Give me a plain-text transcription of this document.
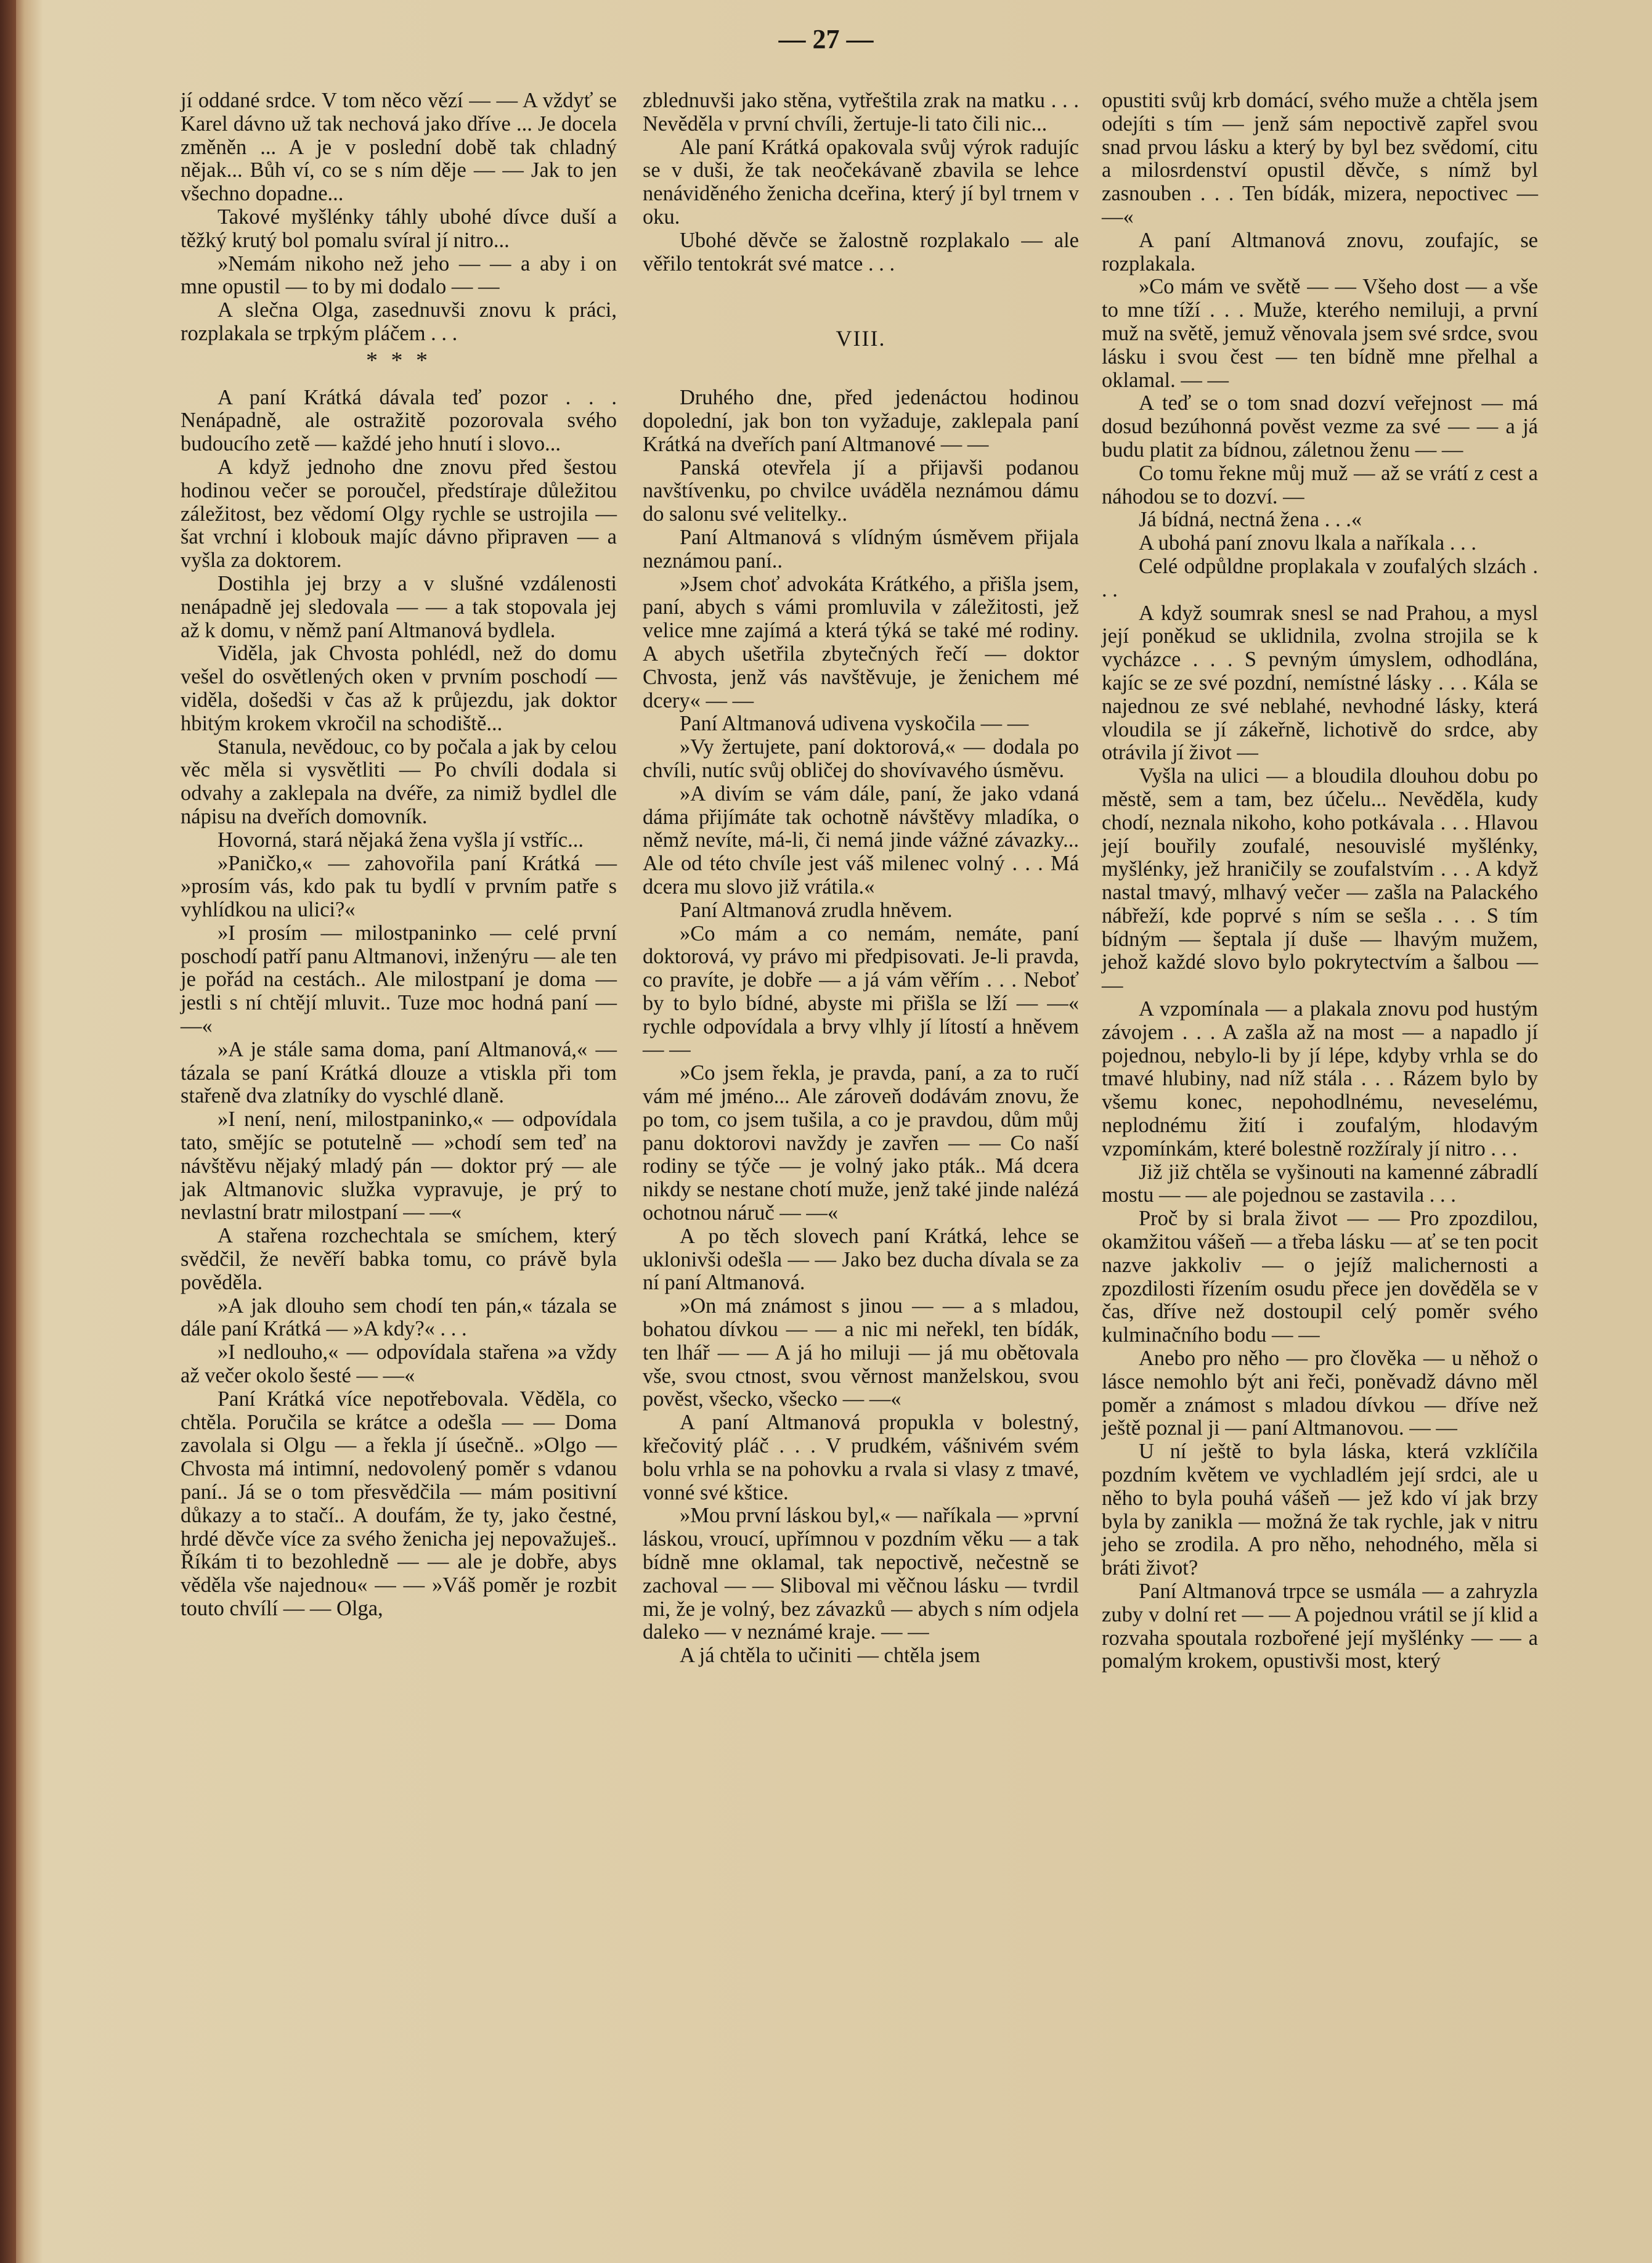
— 27 —

jí oddané srdce. V tom něco vězí — — A vždyť se Karel dávno už tak nechová jako dříve ... Je docela změněn ... A je v poslední době tak chladný nějak... Bůh ví, co se s ním děje — — Jak to jen všechno dopadne...

Takové myšlénky táhly ubohé dívce duší a těžký krutý bol pomalu svíral jí nitro...

»Nemám nikoho než jeho — — a aby i on mne opustil — to by mi dodalo — —

A slečna Olga, zasednuvši znovu k práci, rozplakala se trpkým pláčem . . .

* * *

A paní Krátká dávala teď pozor . . . Nenápadně, ale ostražitě pozorovala svého budoucího zetě — každé jeho hnutí i slovo...

A když jednoho dne znovu před šestou hodinou večer se poroučel, předstíraje důležitou záležitost, bez vědomí Olgy rychle se ustrojila — šat vrchní i klobouk majíc dávno připraven — a vyšla za doktorem.

Dostihla jej brzy a v slušné vzdálenosti nenápadně jej sledovala — — a tak stopovala jej až k domu, v němž paní Altmanová bydlela.

Viděla, jak Chvosta pohlédl, než do domu vešel do osvětlených oken v prvním poschodí — viděla, došedši v čas až k průjezdu, jak doktor hbitým krokem vkročil na schodiště...

Stanula, nevědouc, co by počala a jak by celou věc měla si vysvětliti — Po chvíli dodala si odvahy a zaklepala na dvéře, za nimiž bydlel dle nápisu na dveřích domovník.

Hovorná, stará nějaká žena vyšla jí vstříc...

»Paničko,« — zahovořila paní Krátká — »prosím vás, kdo pak tu bydlí v prvním patře s vyhlídkou na ulici?«

»I prosím — milostpaninko — celé první poschodí patří panu Altmanovi, inženýru — ale ten je pořád na cestách.. Ale milostpaní je doma — jestli s ní chtějí mluvit.. Tuze moc hodná paní — —«

»A je stále sama doma, paní Altmanová,« — tázala se paní Krátká dlouze a vtiskla při tom stařeně dva zlatníky do vyschlé dlaně.

»I není, není, milostpaninko,« — odpovídala tato, smějíc se potutelně — »chodí sem teď na návštěvu nějaký mladý pán — doktor prý — ale jak Altmanovic služka vypravuje, je prý to nevlastní bratr milostpaní — —«

A stařena rozchechtala se smíchem, který svědčil, že nevěří babka tomu, co právě byla pověděla.

»A jak dlouho sem chodí ten pán,« tázala se dále paní Krátká — »A kdy?« . . .

»I nedlouho,« — odpovídala stařena »a vždy až večer okolo šesté — —«

Paní Krátká více nepotřebovala. Věděla, co chtěla. Poručila se krátce a odešla — — Doma zavolala si Olgu — a řekla jí úsečně.. »Olgo — Chvosta má intimní, nedovolený poměr s vdanou paní.. Já se o tom přesvědčila — mám positivní důkazy a to stačí.. A doufám, že ty, jako čestné, hrdé děvče více za svého ženicha jej nepovažuješ.. Říkám ti to bezohledně — — ale je dobře, abys věděla vše najednou« — — »Váš poměr je rozbit touto chvílí — — Olga,

zblednuvši jako stěna, vytřeštila zrak na matku . . . Nevěděla v první chvíli, žertuje-li tato čili nic...

Ale paní Krátká opakovala svůj výrok radujíc se v duši, že tak neočekávaně zbavila se lehce nenáviděného ženicha dceřina, který jí byl trnem v oku.

Ubohé děvče se žalostně rozplakalo — ale věřilo tentokrát své matce . . .

VIII.

Druhého dne, před jedenáctou hodinou dopolední, jak bon ton vyžaduje, zaklepala paní Krátká na dveřích paní Altmanové — —

Panská otevřela jí a přijavši podanou navštívenku, po chvilce uváděla neznámou dámu do salonu své velitelky..

Paní Altmanová s vlídným úsměvem přijala neznámou paní..

»Jsem choť advokáta Krátkého, a přišla jsem, paní, abych s vámi promluvila v záležitosti, jež velice mne zajímá a která týká se také mé rodiny. A abych ušetřila zbytečných řečí — doktor Chvosta, jenž vás navštěvuje, je ženichem mé dcery« — —

Paní Altmanová udivena vyskočila — —

»Vy žertujete, paní doktorová,« — dodala po chvíli, nutíc svůj obličej do shovívavého úsměvu.

»A divím se vám dále, paní, že jako vdaná dáma přijímáte tak ochotně návštěvy mladíka, o němž nevíte, má-li, či nemá jinde vážné závazky... Ale od této chvíle jest váš milenec volný . . . Má dcera mu slovo již vrátila.«

Paní Altmanová zrudla hněvem.

»Co mám a co nemám, nemáte, paní doktorová, vy právo mi předpisovati. Je-li pravda, co pravíte, je dobře — a já vám věřím . . . Neboť by to bylo bídné, abyste mi přišla se lží — —« rychle odpovídala a brvy vlhly jí lítostí a hněvem — —

»Co jsem řekla, je pravda, paní, a za to ručí vám mé jméno... Ale zároveň dodávám znovu, že po tom, co jsem tušila, a co je pravdou, dům můj panu doktorovi navždy je zavřen — — Co naší rodiny se týče — je volný jako pták.. Má dcera nikdy se nestane chotí muže, jenž také jinde nalézá ochotnou náruč — —«

A po těch slovech paní Krátká, lehce se uklonivši odešla — — Jako bez ducha dívala se za ní paní Altmanová.

»On má známost s jinou — — a s mladou, bohatou dívkou — — a nic mi neřekl, ten bídák, ten lhář — — A já ho miluji — já mu obětovala vše, svou ctnost, svou věrnost manželskou, svou pověst, všecko, všecko — —«

A paní Altmanová propukla v bolestný, křečovitý pláč . . . V prudkém, vášnivém svém bolu vrhla se na pohovku a rvala si vlasy z tmavé, vonné své kštice.

»Mou první láskou byl,« — naříkala — »první láskou, vroucí, upřímnou v pozdním věku — a tak bídně mne oklamal, tak nepoctivě, nečestně se zachoval — — Sliboval mi věčnou lásku — tvrdil mi, že je volný, bez závazků — abych s ním odjela daleko — v neznámé kraje. — —

A já chtěla to učiniti — chtěla jsem

opustiti svůj krb domácí, svého muže a chtěla jsem odejíti s tím — jenž sám nepoctivě zapřel svou snad prvou lásku a který by byl bez svědomí, citu a milosrdenství opustil děvče, s nímž byl zasnouben . . . Ten bídák, mizera, nepoctivec — —«

A paní Altmanová znovu, zoufajíc, se rozplakala.

»Co mám ve světě — — Všeho dost — a vše to mne tíží . . . Muže, kterého nemiluji, a první muž na světě, jemuž věnovala jsem své srdce, svou lásku i svou čest — ten bídně mne přelhal a oklamal. — —

A teď se o tom snad dozví veřejnost — má dosud bezúhonná pověst vezme za své — — a já budu platit za bídnou, záletnou ženu — —

Co tomu řekne můj muž — až se vrátí z cest a náhodou se to dozví. —

Já bídná, nectná žena . . .«

A ubohá paní znovu lkala a naříkala . . .

Celé odpůldne proplakala v zoufalých slzách . . .

A když soumrak snesl se nad Prahou, a mysl její poněkud se uklidnila, zvolna strojila se k vycházce . . . S pevným úmyslem, odhodlána, kajíc se ze své pozdní, nemístné lásky . . . Kála se najednou ze své neblahé, nevhodné lásky, která vloudila se jí zákeřně, lichotivě do srdce, aby otrávila jí život —

Vyšla na ulici — a bloudila dlouhou dobu po městě, sem a tam, bez účelu... Nevěděla, kudy chodí, neznala nikoho, koho potkávala . . . Hlavou její bouřily zoufalé, nesouvislé myšlénky, myšlénky, jež hraničily se zoufalstvím . . . A když nastal tmavý, mlhavý večer — zašla na Palackého nábřeží, kde poprvé s ním se sešla . . . S tím bídným — šeptala jí duše — lhavým mužem, jehož každé slovo bylo pokrytectvím a šalbou — —

A vzpomínala — a plakala znovu pod hustým závojem . . . A zašla až na most — a napadlo jí pojednou, nebylo-li by jí lépe, kdyby vrhla se do tmavé hlubiny, nad níž stála . . . Rázem bylo by všemu konec, nepohodlnému, neveselému, neplodnému žití i zoufalým, hlodavým vzpomínkám, které bolestně rozžíraly jí nitro . . .

Již již chtěla se vyšinouti na kamenné zábradlí mostu — — ale pojednou se zastavila . . .

Proč by si brala život — — Pro zpozdilou, okamžitou vášeň — a třeba lásku — ať se ten pocit nazve jakkoliv — o jejíž malichernosti a zpozdilosti řízením osudu přece jen dověděla se v čas, dříve než dostoupil celý poměr svého kulminačního bodu — —

Anebo pro něho — pro člověka — u něhož o lásce nemohlo být ani řeči, poněvadž dávno měl poměr a známost s mladou dívkou — dříve než ještě poznal ji — paní Altmanovou. — —

U ní ještě to byla láska, která vzklíčila pozdním květem ve vychladlém její srdci, ale u něho to byla pouhá vášeň — jež kdo ví jak brzy byla by zanikla — možná že tak rychle, jak v nitru jeho se zrodila. A pro něho, nehodného, měla si bráti život?

Paní Altmanová trpce se usmála — a zahryzla zuby v dolní ret — — A pojednou vrátil se jí klid a rozvaha spoutala rozbořené její myšlénky — — a pomalým krokem, opustivši most, který
